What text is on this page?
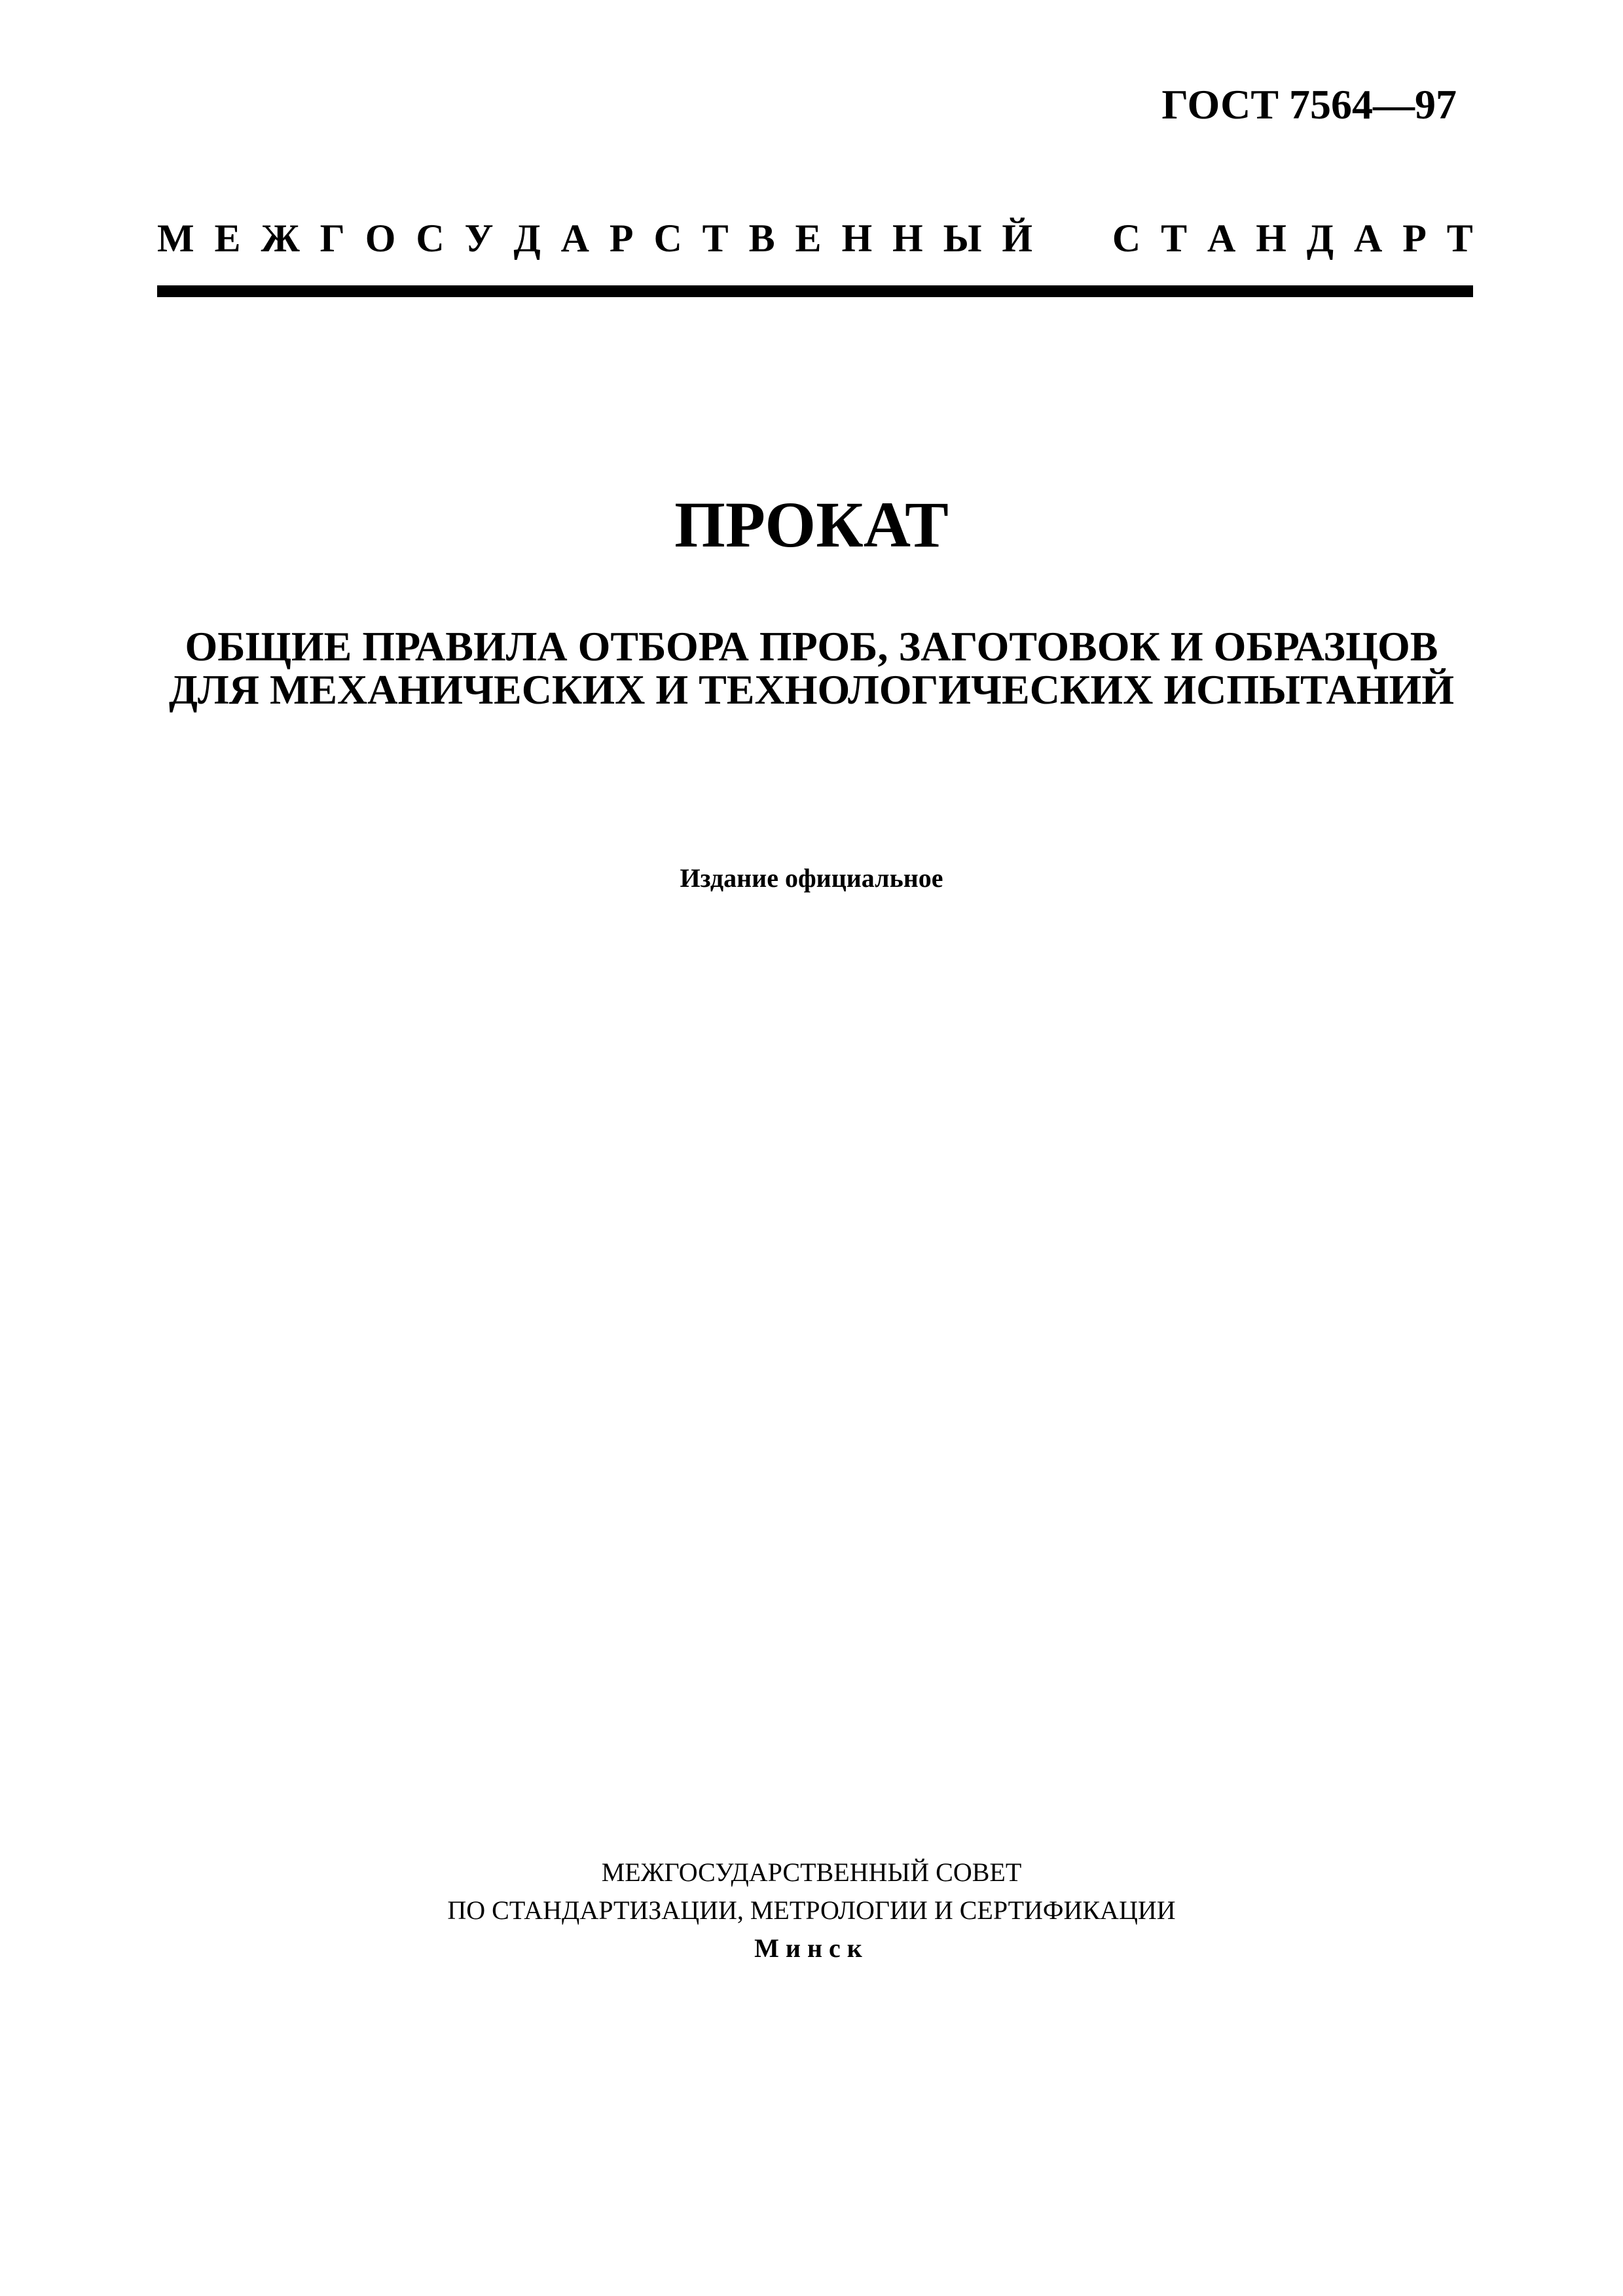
ГОСТ 7564—97
М Е Ж Г О С У Д А Р С Т В Е Н Н Ы Й С Т А Н Д А Р Т
ПРОКАТ
ОБЩИЕ ПРАВИЛА ОТБОРА ПРОБ, ЗАГОТОВОК И ОБРАЗЦОВ
ДЛЯ МЕХАНИЧЕСКИХ И ТЕХНОЛОГИЧЕСКИХ ИСПЫТАНИЙ
Издание официальное
МЕЖГОСУДАРСТВЕННЫЙ СОВЕТ
ПО СТАНДАРТИЗАЦИИ, МЕТРОЛОГИИ И СЕРТИФИКАЦИИ
Минск
